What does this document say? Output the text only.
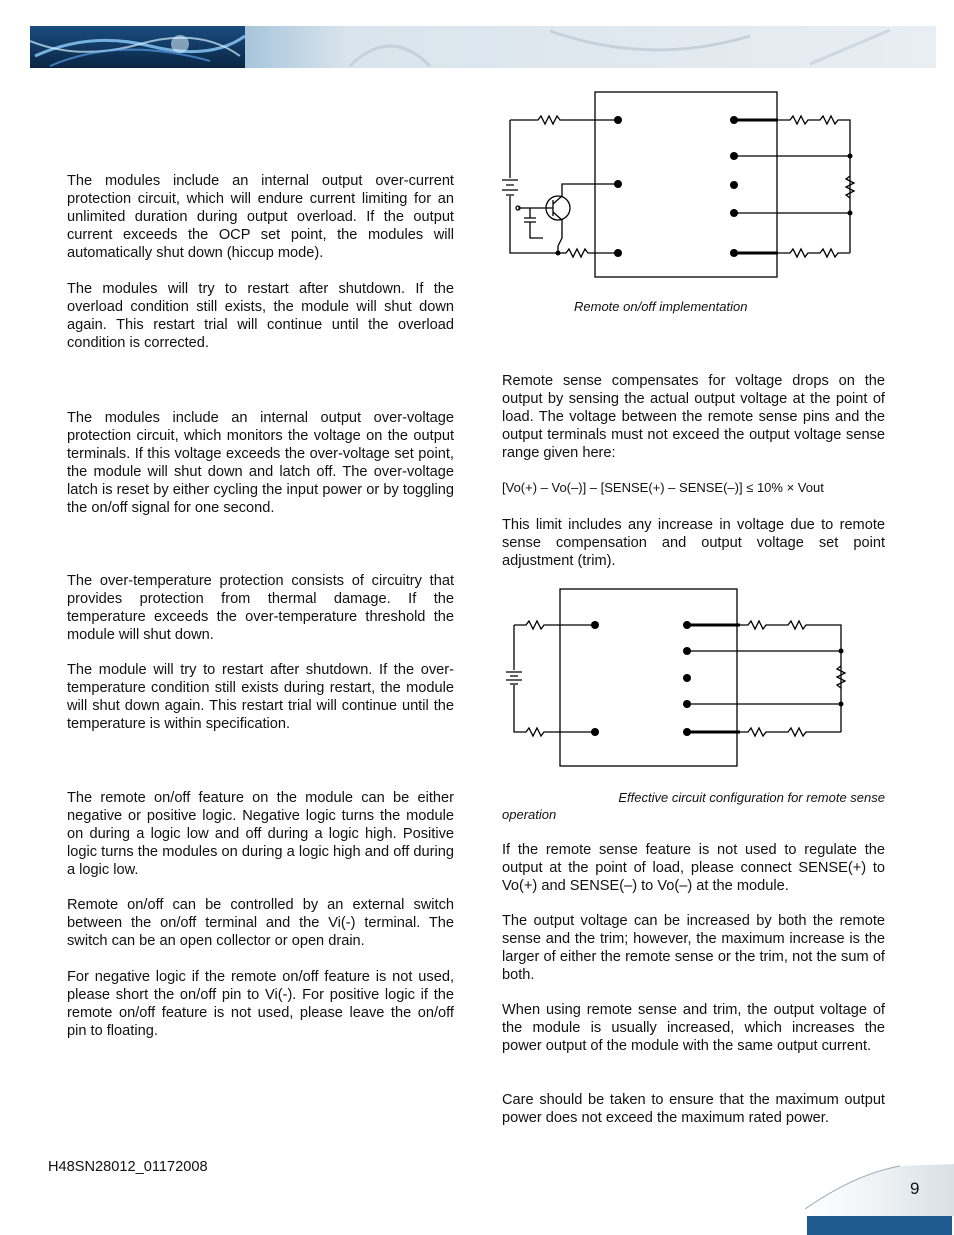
The modules include an internal output over-current protection circuit, which will endure current limiting for an unlimited duration during output overload. If the output current exceeds the OCP set point, the modules will automatically shut down (hiccup mode).

The modules will try to restart after shutdown. If the overload condition still exists, the module will shut down again. This restart trial will continue until the overload condition is corrected.

The modules include an internal output over-voltage protection circuit, which monitors the voltage on the output terminals. If this voltage exceeds the over-voltage set point, the module will shut down and latch off. The over-voltage latch is reset by either cycling the input power or by toggling the on/off signal for one second.

The over-temperature protection consists of circuitry that provides protection from thermal damage. If the temperature exceeds the over-temperature threshold the module will shut down.

The module will try to restart after shutdown. If the over-temperature condition still exists during restart, the module will shut down again. This restart trial will continue until the temperature is within specification.

The remote on/off feature on the module can be either negative or positive logic. Negative logic turns the module on during a logic low and off during a logic high. Positive logic turns the modules on during a logic high and off during a logic low.

Remote on/off can be controlled by an external switch between the on/off terminal and the Vi(-) terminal. The switch can be an open collector or open drain.

For negative logic if the remote on/off feature is not used, please short the on/off pin to Vi(-). For positive logic if the remote on/off feature is not used, please leave the on/off pin to floating.

Remote on/off implementation

Remote sense compensates for voltage drops on the output by sensing the actual output voltage at the point of load. The voltage between the remote sense pins and the output terminals must not exceed the output voltage sense range given here:

[Vo(+) – Vo(–)] – [SENSE(+) – SENSE(–)] ≤ 10% × Vout

This limit includes any increase in voltage due to remote sense compensation and output voltage set point adjustment (trim).

Effective circuit configuration for remote sense
operation

If the remote sense feature is not used to regulate the output at the point of load, please connect SENSE(+) to Vo(+) and SENSE(–) to Vo(–) at the module.

The output voltage can be increased by both the remote sense and the trim; however, the maximum increase is the larger of either the remote sense or the trim, not the sum of both.

When using remote sense and trim, the output voltage of the module is usually increased, which increases the power output of the module with the same output current.

Care should be taken to ensure that the maximum output power does not exceed the maximum rated power.

H48SN28012_01172008
9
